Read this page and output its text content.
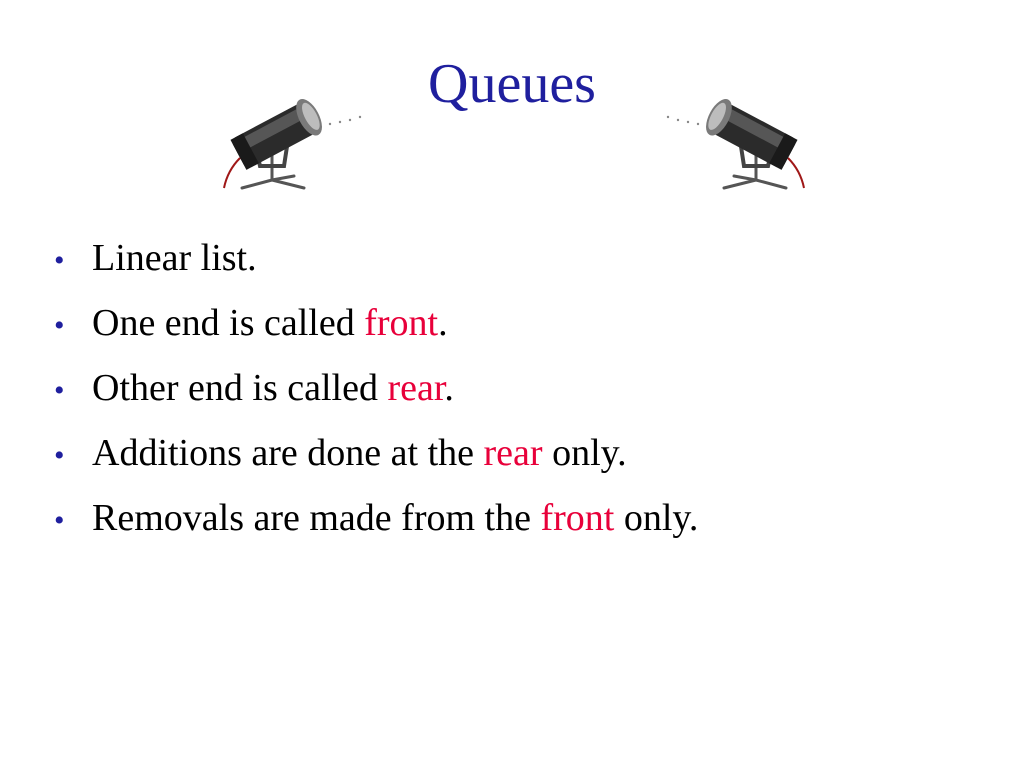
Queues
• Linear list.
• One end is called front.
• Other end is called rear.
• Additions are done at the rear only.
• Removals are made from the front only.
